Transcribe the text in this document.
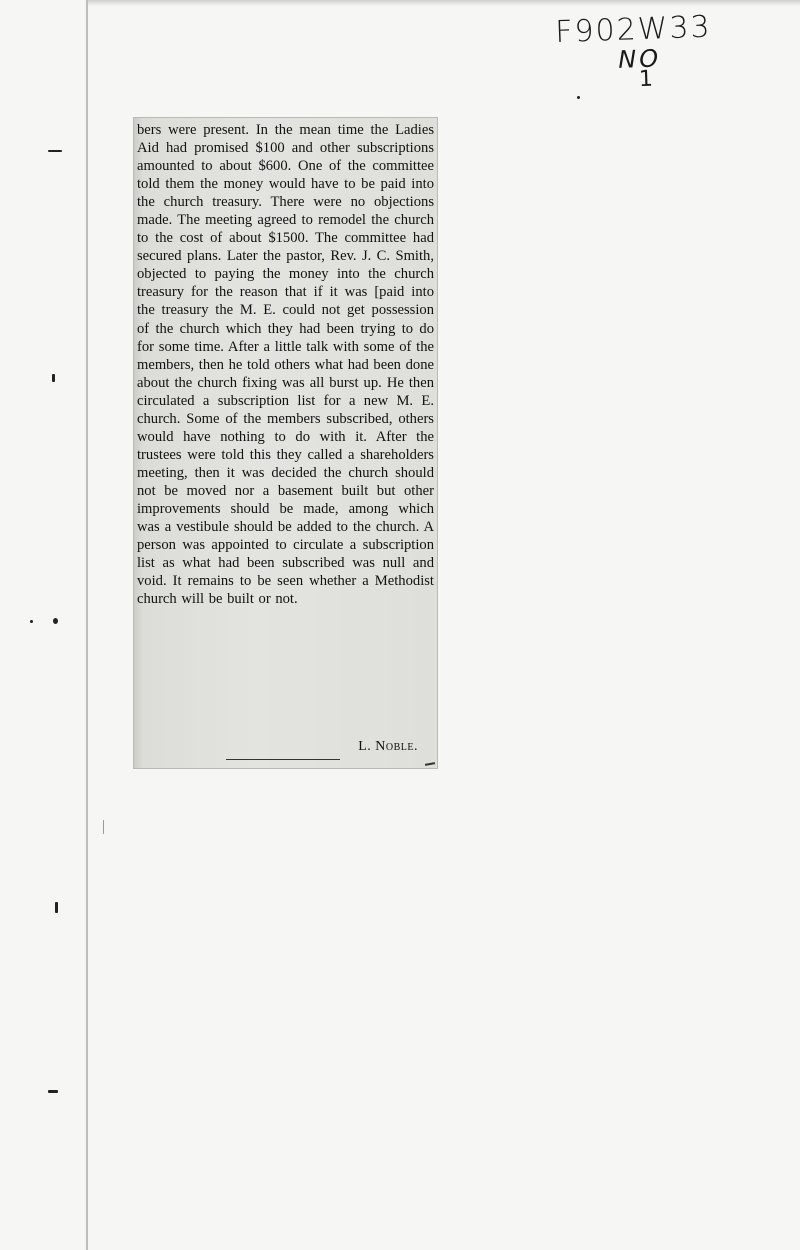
F902W33
NO
1
bers were present. In the mean time the Ladies Aid had promised $100 and other subscriptions amounted to about $600. One of the committee told them the money would have to be paid into the church treasury. There were no objections made. The meeting agreed to remodel the church to the cost of about $1500. The committee had secured plans. Later the pastor, Rev. J. C. Smith, objected to paying the money into the church treasury for the reason that if it was [paid into the treasury the M. E. could not get possession of the church which they had been trying to do for some time. After a little talk with some of the members, then he told others what had been done about the church fixing was all burst up. He then circulated a subscription list for a new M. E. church. Some of the members subscribed, others would have nothing to do with it. After the trustees were told this they called a shareholders meeting, then it was decided the church should not be moved nor a basement built but other improvements should be made, among which was a vestibule should be added to the church. A person was appointed to circulate a subscription list as what had been subscribed was null and void. It remains to be seen whether a Methodist church will be built or not.
L. Noble.
